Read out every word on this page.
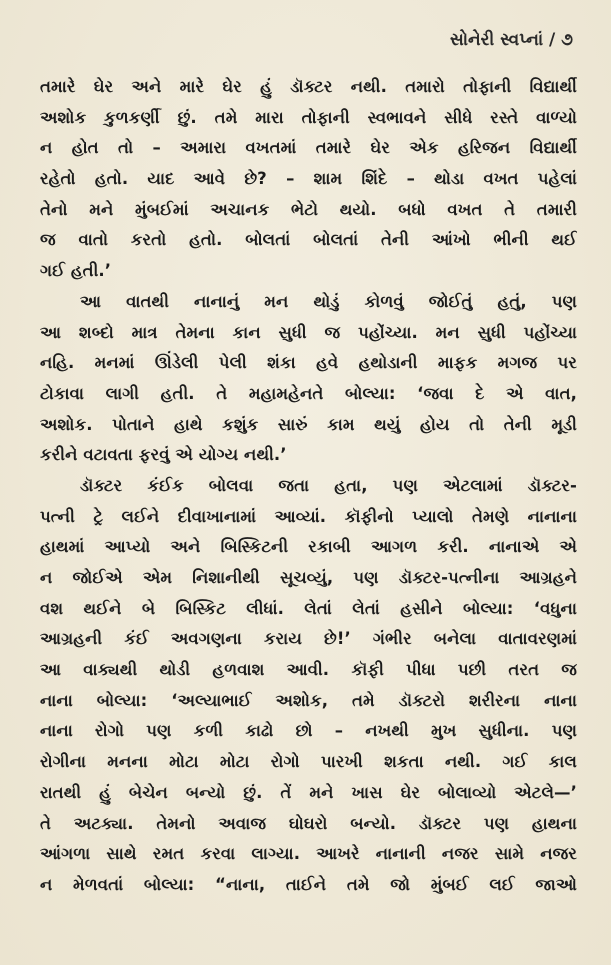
સોનેરી સ્વપ્નાં / ૭
તમારે ઘેર અને મારે ઘેર હું ડૉક્ટર નથી. તમારો તોફાની વિદ્યાર્થી
અશોક કુળકર્ણી છું. તમે મારા તોફાની સ્વભાવને સીધે રસ્તે વાળ્યો
ન હોત તો – અમારા વખતમાં તમારે ઘેર એક હરિજન વિદ્યાર્થી
રહેતો હતો. યાદ આવે છે? – શામ શિંદે – થોડા વખત પહેલાં
તેનો મને મુંબઈમાં અચાનક ભેટો થયો. બધો વખત તે તમારી
જ વાતો કરતો હતો. બોલતાં બોલતાં તેની આંખો ભીની થઈ
ગઈ હતી.’
આ વાતથી નાનાનું મન થોડું કોળવું જોઈતું હતું, પણ
આ શબ્દો માત્ર તેમના કાન સુધી જ પહોંચ્યા. મન સુધી પહોંચ્યા
નહિ. મનમાં ઊંડેલી પેલી શંકા હવે હથોડાની માફક મગજ પર
ટોકાવા લાગી હતી. તે મહામહેનતે બોલ્યા: ‘જવા દે એ વાત,
અશોક. પોતાને હાથે કશુંક સારું કામ થયું હોય તો તેની મૂડી
કરીને વટાવતા ફરવું એ યોગ્ય નથી.’
ડૉક્ટર કંઈક બોલવા જતા હતા, પણ એટલામાં ડૉક્ટર-
પત્ની ટ્રે લઈને દીવાખાનામાં આવ્યાં. કૉફીનો પ્યાલો તેમણે નાનાના
હાથમાં આપ્યો અને બિસ્કિટની રકાબી આગળ કરી. નાનાએ એ
ન જોઈએ એમ નિશાનીથી સૂચવ્યું, પણ ડૉક્ટર-પત્નીના આગ્રહને
વશ થઈને બે બિસ્કિટ લીધાં. લેતાં લેતાં હસીને બોલ્યા: ‘વધુના
આગ્રહની કંઈ અવગણના કરાય છે!’ ગંભીર બનેલા વાતાવરણમાં
આ વાક્યથી થોડી હળવાશ આવી. કૉફી પીધા પછી તરત જ
નાના બોલ્યા: ‘અલ્યાભાઈ અશોક, તમે ડૉક્ટરો શરીરના નાના
નાના રોગો પણ કળી કાઢો છો – નખથી મુખ સુધીના. પણ
રોગીના મનના મોટા મોટા રોગો પારખી શકતા નથી. ગઈ કાલ
રાતથી હું બેચેન બન્યો છું. તેં મને ખાસ ઘેર બોલાવ્યો એટલે—’
તે અટક્યા. તેમનો અવાજ ઘોઘરો બન્યો. ડૉક્ટર પણ હાથના
આંગળા સાથે રમત કરવા લાગ્યા. આખરે નાનાની નજર સામે નજર
ન મેળવતાં બોલ્યા: “નાના, તાઈને તમે જો મુંબઈ લઈ જાઓ
